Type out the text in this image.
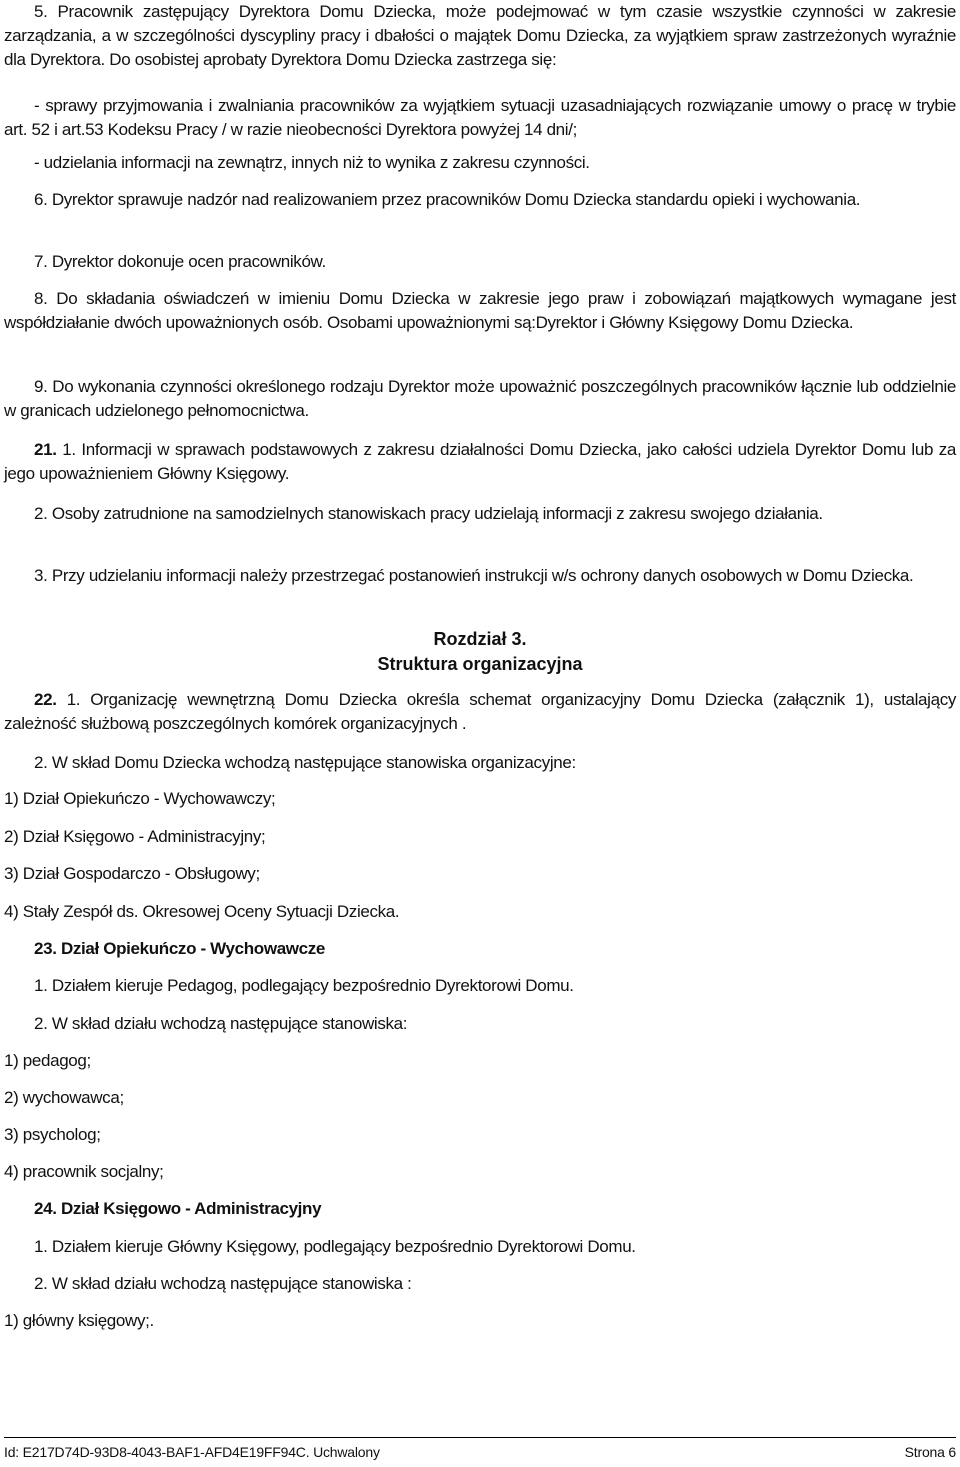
5. Pracownik zastępujący Dyrektora Domu Dziecka, może podejmować w tym czasie wszystkie czynności w zakresie zarządzania, a w szczególności dyscypliny pracy i dbałości o majątek Domu Dziecka, za wyjątkiem spraw zastrzeżonych wyraźnie dla Dyrektora. Do osobistej aprobaty Dyrektora Domu Dziecka zastrzega się:
- sprawy przyjmowania i zwalniania pracowników za wyjątkiem sytuacji uzasadniających rozwiązanie umowy o pracę w trybie art. 52 i art.53 Kodeksu Pracy / w razie nieobecności Dyrektora powyżej 14 dni/;
- udzielania informacji na zewnątrz, innych niż to wynika z zakresu czynności.
6. Dyrektor sprawuje nadzór nad realizowaniem przez pracowników Domu Dziecka standardu opieki i wychowania.
7. Dyrektor dokonuje ocen pracowników.
8. Do składania oświadczeń w imieniu Domu Dziecka w zakresie jego praw i zobowiązań majątkowych wymagane jest współdziałanie dwóch upoważnionych osób. Osobami upoważnionymi są:Dyrektor i Główny Księgowy Domu Dziecka.
9. Do wykonania czynności określonego rodzaju Dyrektor może upoważnić poszczególnych pracowników łącznie lub oddzielnie w granicach udzielonego pełnomocnictwa.
21. 1. Informacji w sprawach podstawowych z zakresu działalności Domu Dziecka, jako całości udziela Dyrektor Domu lub za jego upoważnieniem Główny Księgowy.
2. Osoby zatrudnione na samodzielnych stanowiskach pracy udzielają informacji z zakresu swojego działania.
3. Przy udzielaniu informacji należy przestrzegać postanowień instrukcji w/s ochrony danych osobowych w Domu Dziecka.
Rozdział 3.
Struktura organizacyjna
22. 1. Organizację wewnętrzną Domu Dziecka określa schemat organizacyjny Domu Dziecka (załącznik 1), ustalający zależność służbową poszczególnych komórek organizacyjnych .
2. W skład Domu Dziecka wchodzą następujące stanowiska organizacyjne:
1) Dział Opiekuńczo - Wychowawczy;
2) Dział Księgowo - Administracyjny;
3) Dział Gospodarczo - Obsługowy;
4) Stały Zespół ds. Okresowej Oceny Sytuacji Dziecka.
23. Dział Opiekuńczo - Wychowawcze
1. Działem kieruje Pedagog, podlegający bezpośrednio Dyrektorowi Domu.
2. W skład działu wchodzą następujące stanowiska:
1) pedagog;
2) wychowawca;
3) psycholog;
4) pracownik socjalny;
24. Dział Księgowo - Administracyjny
1. Działem kieruje Główny Księgowy, podlegający bezpośrednio Dyrektorowi Domu.
2. W skład działu wchodzą następujące stanowiska :
1) główny księgowy;.
Id: E217D74D-93D8-4043-BAF1-AFD4E19FF94C. Uchwalony	Strona 6
